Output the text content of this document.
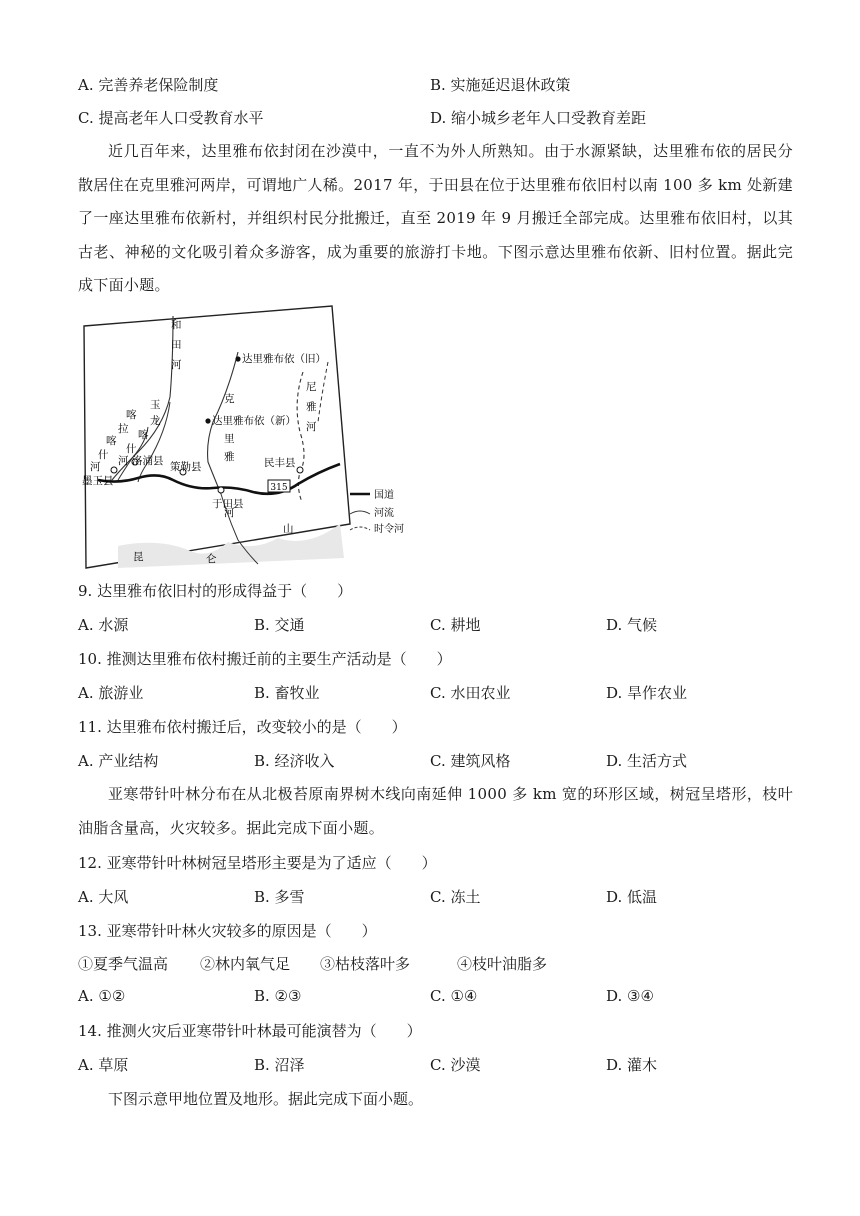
A. 完善养老保险制度	B. 实施延迟退休政策
C. 提高老年人口受教育水平	D. 缩小城乡老年人口受教育差距
近几百年来，达里雅布依封闭在沙漠中，一直不为外人所熟知。由于水源紧缺，达里雅布依的居民分散居住在克里雅河两岸，可谓地广人稀。2017 年，于田县在位于达里雅布依旧村以南 100 多 km 处新建了一座达里雅布依新村，并组织村民分批搬迁，直至 2019 年 9 月搬迁全部完成。达里雅布依旧村，以其古老、神秘的文化吸引着众多游客，成为重要的旅游打卡地。下图示意达里雅布依新、旧村位置。据此完成下面小题。
315
达里雅布依（旧）
达里雅布依（新）
墨玉县
洛浦县 策勒县
于田县
民丰县
和
田
河
玉
龙
喀
什
河
喀
拉
喀
什
河
克
里
雅
河
尼
雅
河
昆	仑
山
国道
河流
时令河
9. 达里雅布依旧村的形成得益于（　　）
A. 水源	B. 交通	C. 耕地	D. 气候
10. 推测达里雅布依村搬迁前的主要生产活动是（　　）
A. 旅游业	B. 畜牧业	C. 水田农业	D. 旱作农业
11. 达里雅布依村搬迁后，改变较小的是（　　）
A. 产业结构	B. 经济收入	C. 建筑风格	D. 生活方式
亚寒带针叶林分布在从北极苔原南界树木线向南延伸 1000 多 km 宽的环形区域，树冠呈塔形，枝叶油脂含量高，火灾较多。据此完成下面小题。
12. 亚寒带针叶林树冠呈塔形主要是为了适应（　　）
A. 大风	B. 多雪	C. 冻土	D. 低温
13. 亚寒带针叶林火灾较多的原因是（　　）
①夏季气温高 ②林内氧气足 ③枯枝落叶多	④枝叶油脂多
A. ①②	B. ②③	C. ①④	D. ③④
14. 推测火灾后亚寒带针叶林最可能演替为（　　）
A. 草原	B. 沼泽	C. 沙漠	D. 灌木
下图示意甲地位置及地形。据此完成下面小题。
